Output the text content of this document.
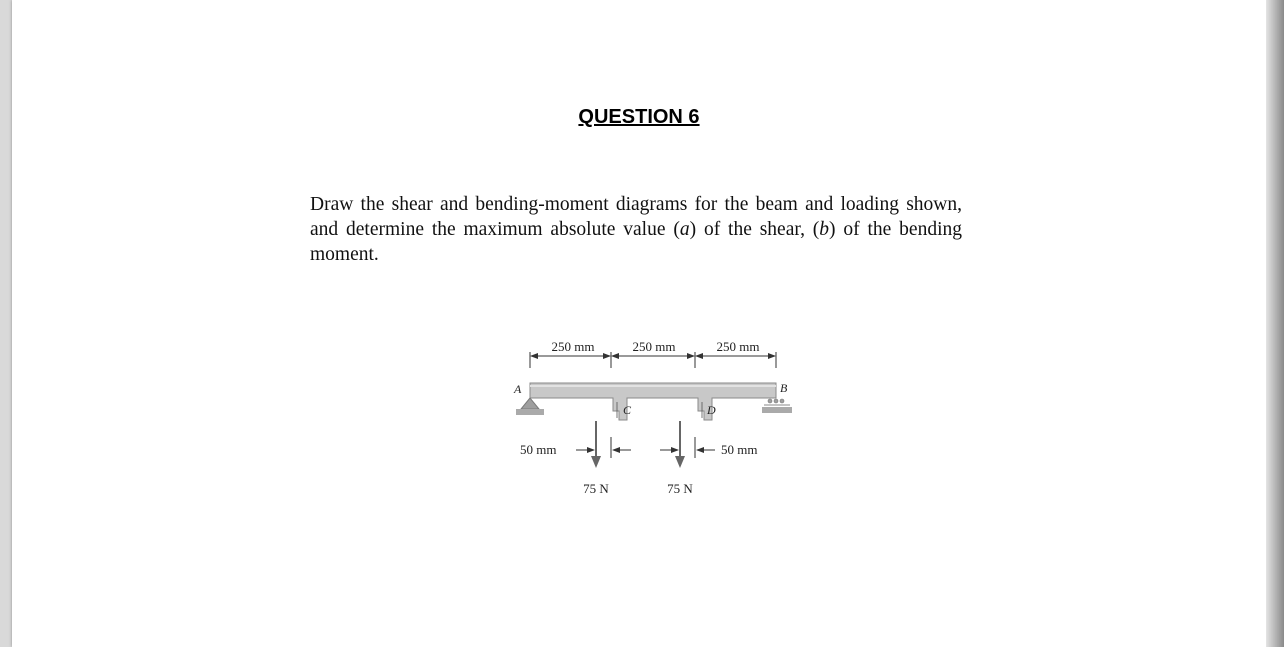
QUESTION 6

Draw the shear and bending-moment diagrams for the beam and loading shown, and determine the maximum absolute value (a) of the shear, (b) of the bending moment.

250 mm	250 mm	250 mm
A	B
C	D
50 mm	50 mm
75 N	75 N
